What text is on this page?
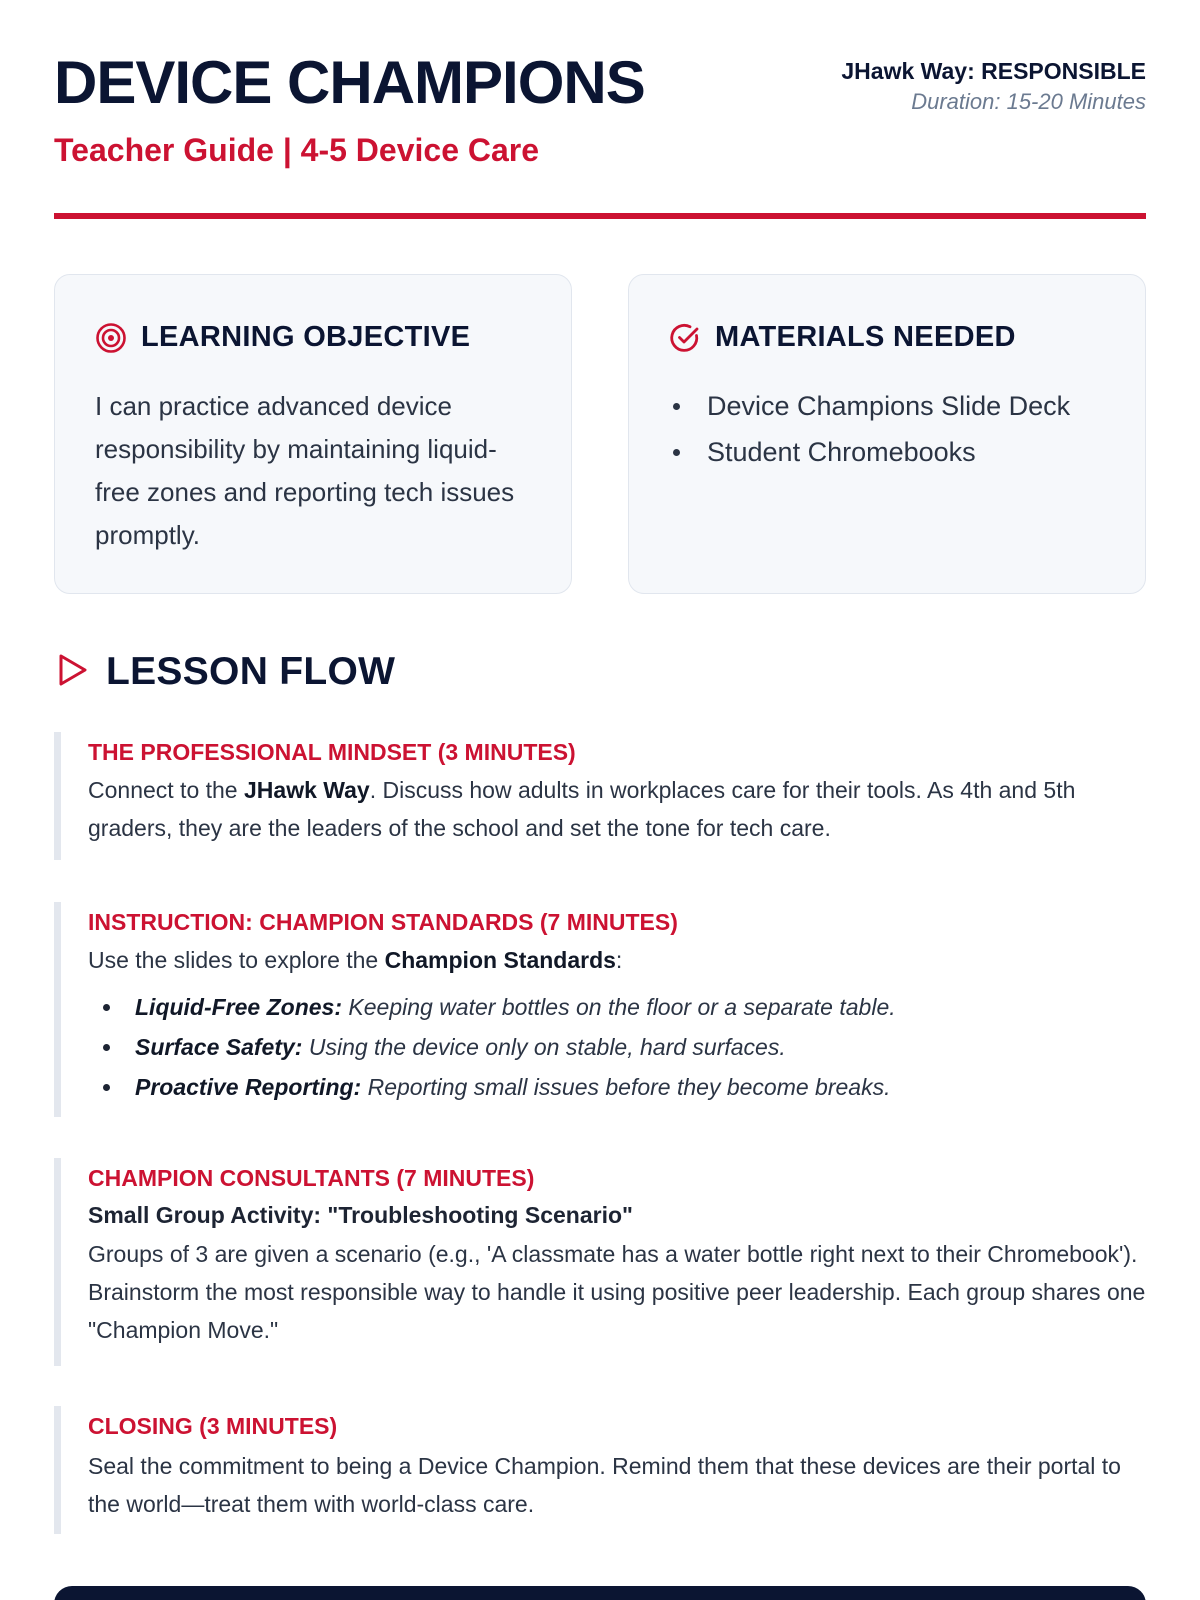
DEVICE CHAMPIONS
Teacher Guide | 4-5 Device Care
JHawk Way: RESPONSIBLE
Duration: 15-20 Minutes
LEARNING OBJECTIVE
I can practice advanced device responsibility by maintaining liquid-free zones and reporting tech issues promptly.
MATERIALS NEEDED
Device Champions Slide Deck
Student Chromebooks
LESSON FLOW
THE PROFESSIONAL MINDSET (3 MINUTES)
Connect to the JHawk Way. Discuss how adults in workplaces care for their tools. As 4th and 5th graders, they are the leaders of the school and set the tone for tech care.
INSTRUCTION: CHAMPION STANDARDS (7 MINUTES)
Use the slides to explore the Champion Standards:
Liquid-Free Zones: Keeping water bottles on the floor or a separate table.
Surface Safety: Using the device only on stable, hard surfaces.
Proactive Reporting: Reporting small issues before they become breaks.
CHAMPION CONSULTANTS (7 MINUTES)
Small Group Activity: "Troubleshooting Scenario"
Groups of 3 are given a scenario (e.g., 'A classmate has a water bottle right next to their Chromebook'). Brainstorm the most responsible way to handle it using positive peer leadership. Each group shares one "Champion Move."
CLOSING (3 MINUTES)
Seal the commitment to being a Device Champion. Remind them that these devices are their portal to the world—treat them with world-class care.
